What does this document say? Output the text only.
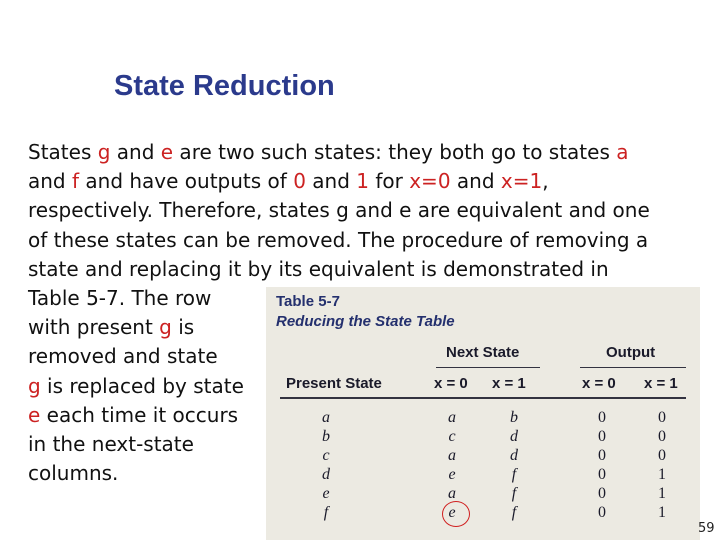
State Reduction
States g and e are two such states: they both go to states a
and f and have outputs of 0 and 1 for x=0 and x=1,
respectively. Therefore, states g and e are equivalent and one
of these states can be removed. The procedure of removing a
state and replacing it by its equivalent is demonstrated in
Table 5-7. The row
with present g is
removed and state
g is replaced by state
e each time it occurs
in the next-state
columns.
Table 5-7
Reducing the State Table
Next State	Output
Present State	x = 0 x = 1	x = 0 x = 1
a	a	b	0	0
b	c	d	0	0
c	a	d	0	0
d	e	f	0	1
e	a	f	0	1
f	e	f	0	1
59
